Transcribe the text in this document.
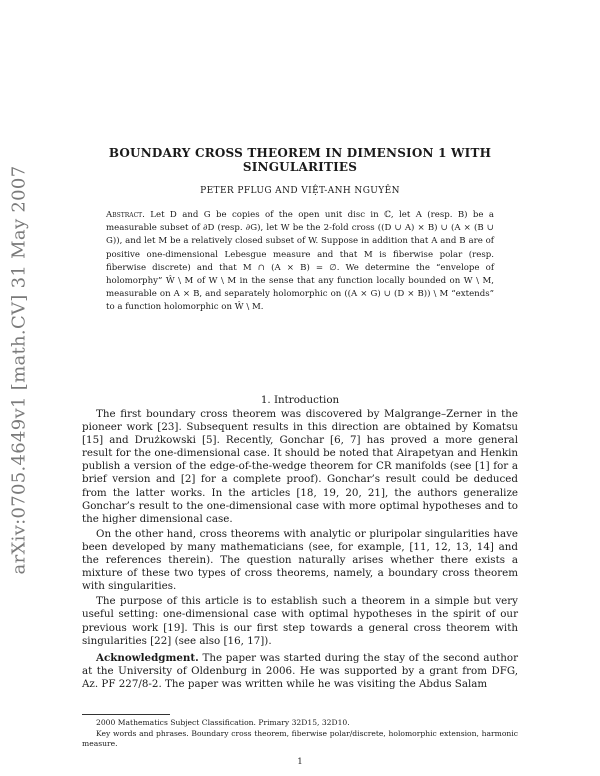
arXiv:0705.4649v1 [math.CV] 31 May 2007
BOUNDARY CROSS THEOREM IN DIMENSION 1 WITH
SINGULARITIES
PETER PFLUG AND VIỆT-ANH NGUYÊN
Abstract. Let D and G be copies of the open unit disc in ℂ, let A (resp. B) be a measurable subset of ∂D (resp. ∂G), let W be the 2-fold cross ((D ∪ A) × B) ∪ (A × (B ∪ G)), and let M be a relatively closed subset of W. Suppose in addition that A and B are of positive one-dimensional Lebesgue measure and that M is fiberwise polar (resp. fiberwise discrete) and that M ∩ (A × B) = ∅. We determine the “envelope of holomorphy” Ŵ \ M of W \ M in the sense that any function locally bounded on W \ M, measurable on A × B, and separately holomorphic on ((A × G) ∪ (D × B)) \ M “extends” to a function holomorphic on Ŵ \ M.
1. Introduction

The first boundary cross theorem was discovered by Malgrange–Zerner in the pioneer work [23]. Subsequent results in this direction are obtained by Komatsu [15] and Drużkowski [5]. Recently, Gonchar [6, 7] has proved a more general result for the one-dimensional case. It should be noted that Airapetyan and Henkin publish a version of the edge-of-the-wedge theorem for CR manifolds (see [1] for a brief version and [2] for a complete proof). Gonchar’s result could be deduced from the latter works. In the articles [18, 19, 20, 21], the authors generalize Gonchar’s result to the one-dimensional case with more optimal hypotheses and to the higher dimensional case.

On the other hand, cross theorems with analytic or pluripolar singularities have been developed by many mathematicians (see, for example, [11, 12, 13, 14] and the references therein). The question naturally arises whether there exists a mixture of these two types of cross theorems, namely, a boundary cross theorem with singularities.

The purpose of this article is to establish such a theorem in a simple but very useful setting: one-dimensional case with optimal hypotheses in the spirit of our previous work [19]. This is our first step towards a general cross theorem with singularities [22] (see also [16, 17]).

Acknowledgment. The paper was started during the stay of the second author at the University of Oldenburg in 2006. He was supported by a grant from DFG, Az. PF 227/8-2. The paper was written while he was visiting the Abdus Salam

2000 Mathematics Subject Classification. Primary 32D15, 32D10.

Key words and phrases. Boundary cross theorem, fiberwise polar/discrete, holomorphic extension, harmonic measure.

1
